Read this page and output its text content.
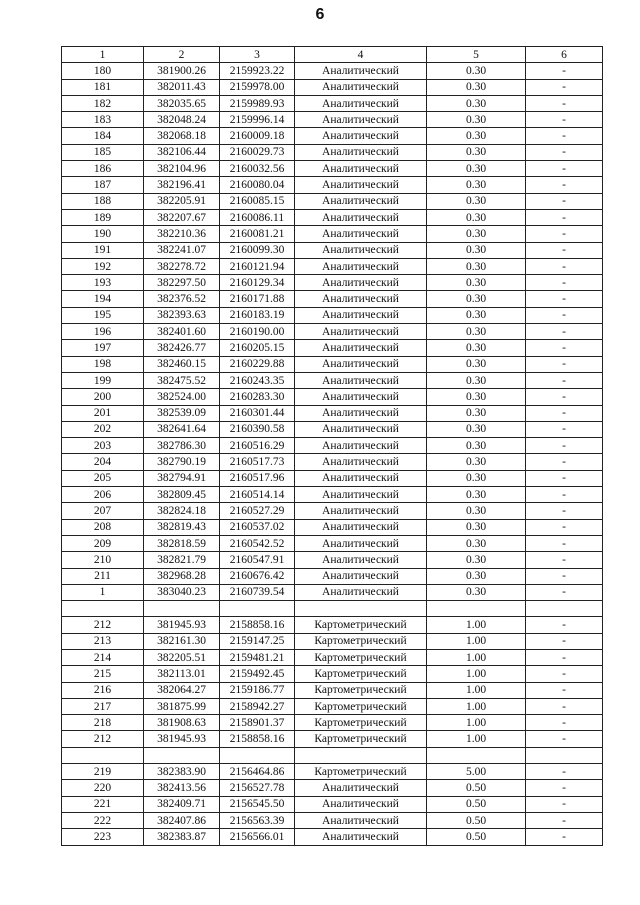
6
1	2	3	4	5	6
180	381900.26	2159923.22	Аналитический	0.30	-
181	382011.43	2159978.00	Аналитический	0.30	-
182	382035.65	2159989.93	Аналитический	0.30	-
183	382048.24	2159996.14	Аналитический	0.30	-
184	382068.18	2160009.18	Аналитический	0.30	-
185	382106.44	2160029.73	Аналитический	0.30	-
186	382104.96	2160032.56	Аналитический	0.30	-
187	382196.41	2160080.04	Аналитический	0.30	-
188	382205.91	2160085.15	Аналитический	0.30	-
189	382207.67	2160086.11	Аналитический	0.30	-
190	382210.36	2160081.21	Аналитический	0.30	-
191	382241.07	2160099.30	Аналитический	0.30	-
192	382278.72	2160121.94	Аналитический	0.30	-
193	382297.50	2160129.34	Аналитический	0.30	-
194	382376.52	2160171.88	Аналитический	0.30	-
195	382393.63	2160183.19	Аналитический	0.30	-
196	382401.60	2160190.00	Аналитический	0.30	-
197	382426.77	2160205.15	Аналитический	0.30	-
198	382460.15	2160229.88	Аналитический	0.30	-
199	382475.52	2160243.35	Аналитический	0.30	-
200	382524.00	2160283.30	Аналитический	0.30	-
201	382539.09	2160301.44	Аналитический	0.30	-
202	382641.64	2160390.58	Аналитический	0.30	-
203	382786.30	2160516.29	Аналитический	0.30	-
204	382790.19	2160517.73	Аналитический	0.30	-
205	382794.91	2160517.96	Аналитический	0.30	-
206	382809.45	2160514.14	Аналитический	0.30	-
207	382824.18	2160527.29	Аналитический	0.30	-
208	382819.43	2160537.02	Аналитический	0.30	-
209	382818.59	2160542.52	Аналитический	0.30	-
210	382821.79	2160547.91	Аналитический	0.30	-
211	382968.28	2160676.42	Аналитический	0.30	-
1	383040.23	2160739.54	Аналитический	0.30	-

212	381945.93	2158858.16	Картометрический	1.00	-
213	382161.30	2159147.25	Картометрический	1.00	-
214	382205.51	2159481.21	Картометрический	1.00	-
215	382113.01	2159492.45	Картометрический	1.00	-
216	382064.27	2159186.77	Картометрический	1.00	-
217	381875.99	2158942.27	Картометрический	1.00	-
218	381908.63	2158901.37	Картометрический	1.00	-
212	381945.93	2158858.16	Картометрический	1.00	-

219	382383.90	2156464.86	Картометрический	5.00	-
220	382413.56	2156527.78	Аналитический	0.50	-
221	382409.71	2156545.50	Аналитический	0.50	-
222	382407.86	2156563.39	Аналитический	0.50	-
223	382383.87	2156566.01	Аналитический	0.50	-
